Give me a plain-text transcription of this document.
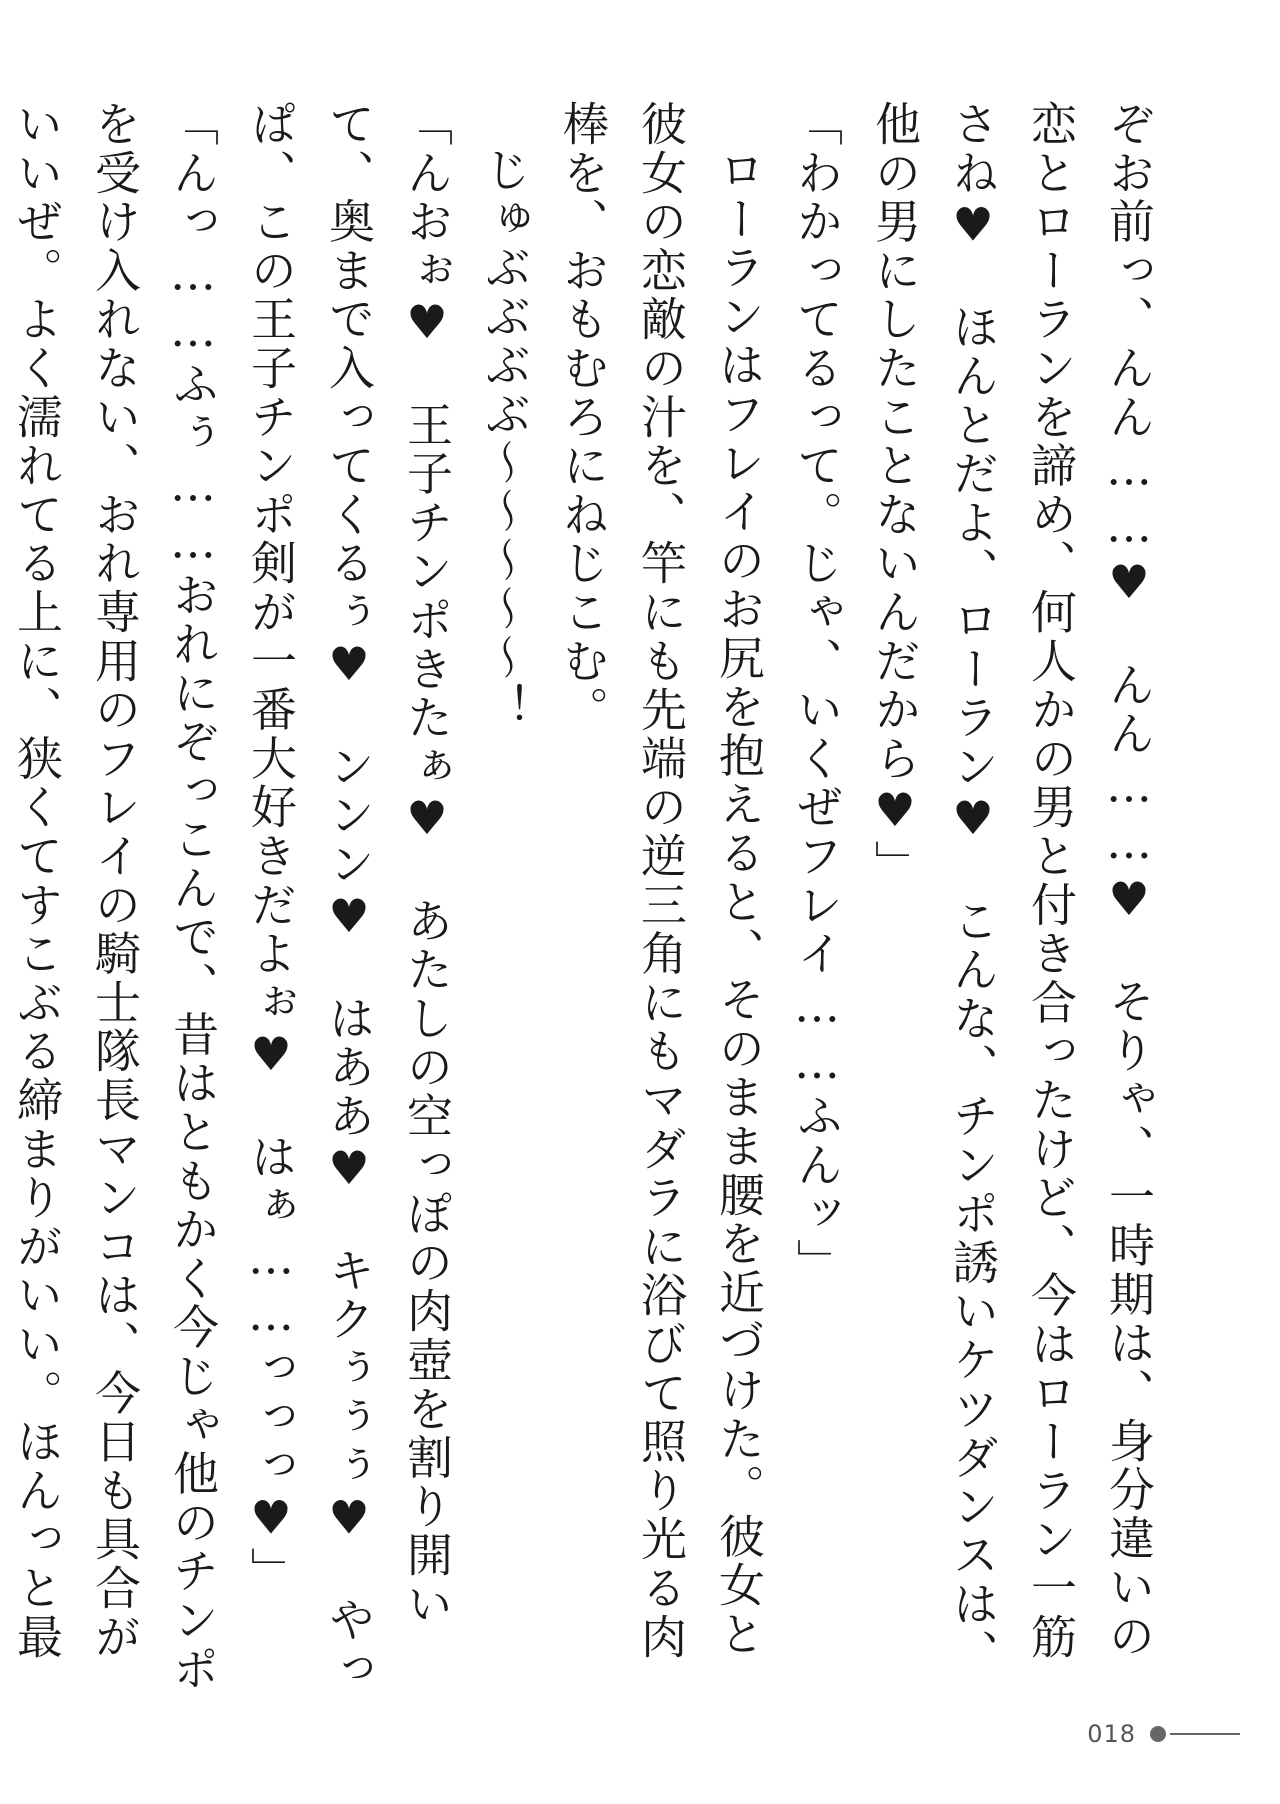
ぞお前っ、んん……♥　んん……♥　そりゃ、一時期は、身分違いの恋とローランを諦め、何人かの男と付き合ったけど、今はローラン一筋さね♥　ほんとだよ、ローラン♥　こんな、チンポ誘いケツダンスは、他の男にしたことないんだから♥」

「わかってるって。じゃ、いくぜフレイ……ふんッ」

ローランはフレイのお尻を抱えると、そのまま腰を近づけた。彼女と彼女の恋敵の汁を、竿にも先端の逆三角にもマダラに浴びて照り光る肉棒を、おもむろにねじこむ。

じゅぶぶぶぶ〜〜〜〜〜！

「んおぉ♥　王子チンポきたぁ♥　あたしの空っぽの肉壺を割り開いて、奥まで入ってくるぅ♥　ンンン♥　はああ♥　キクぅぅぅ♥　やっぱ、この王子チンポ剣が一番大好きだよぉ♥　はぁ……っっっ♥」

「んっ……ふぅ……おれにぞっこんで、昔はともかく今じゃ他のチンポを受け入れない、おれ専用のフレイの騎士隊長マンコは、今日も具合がいいぜ。よく濡れてる上に、狭くてすこぶる締まりがいい。ほんっと最

018
